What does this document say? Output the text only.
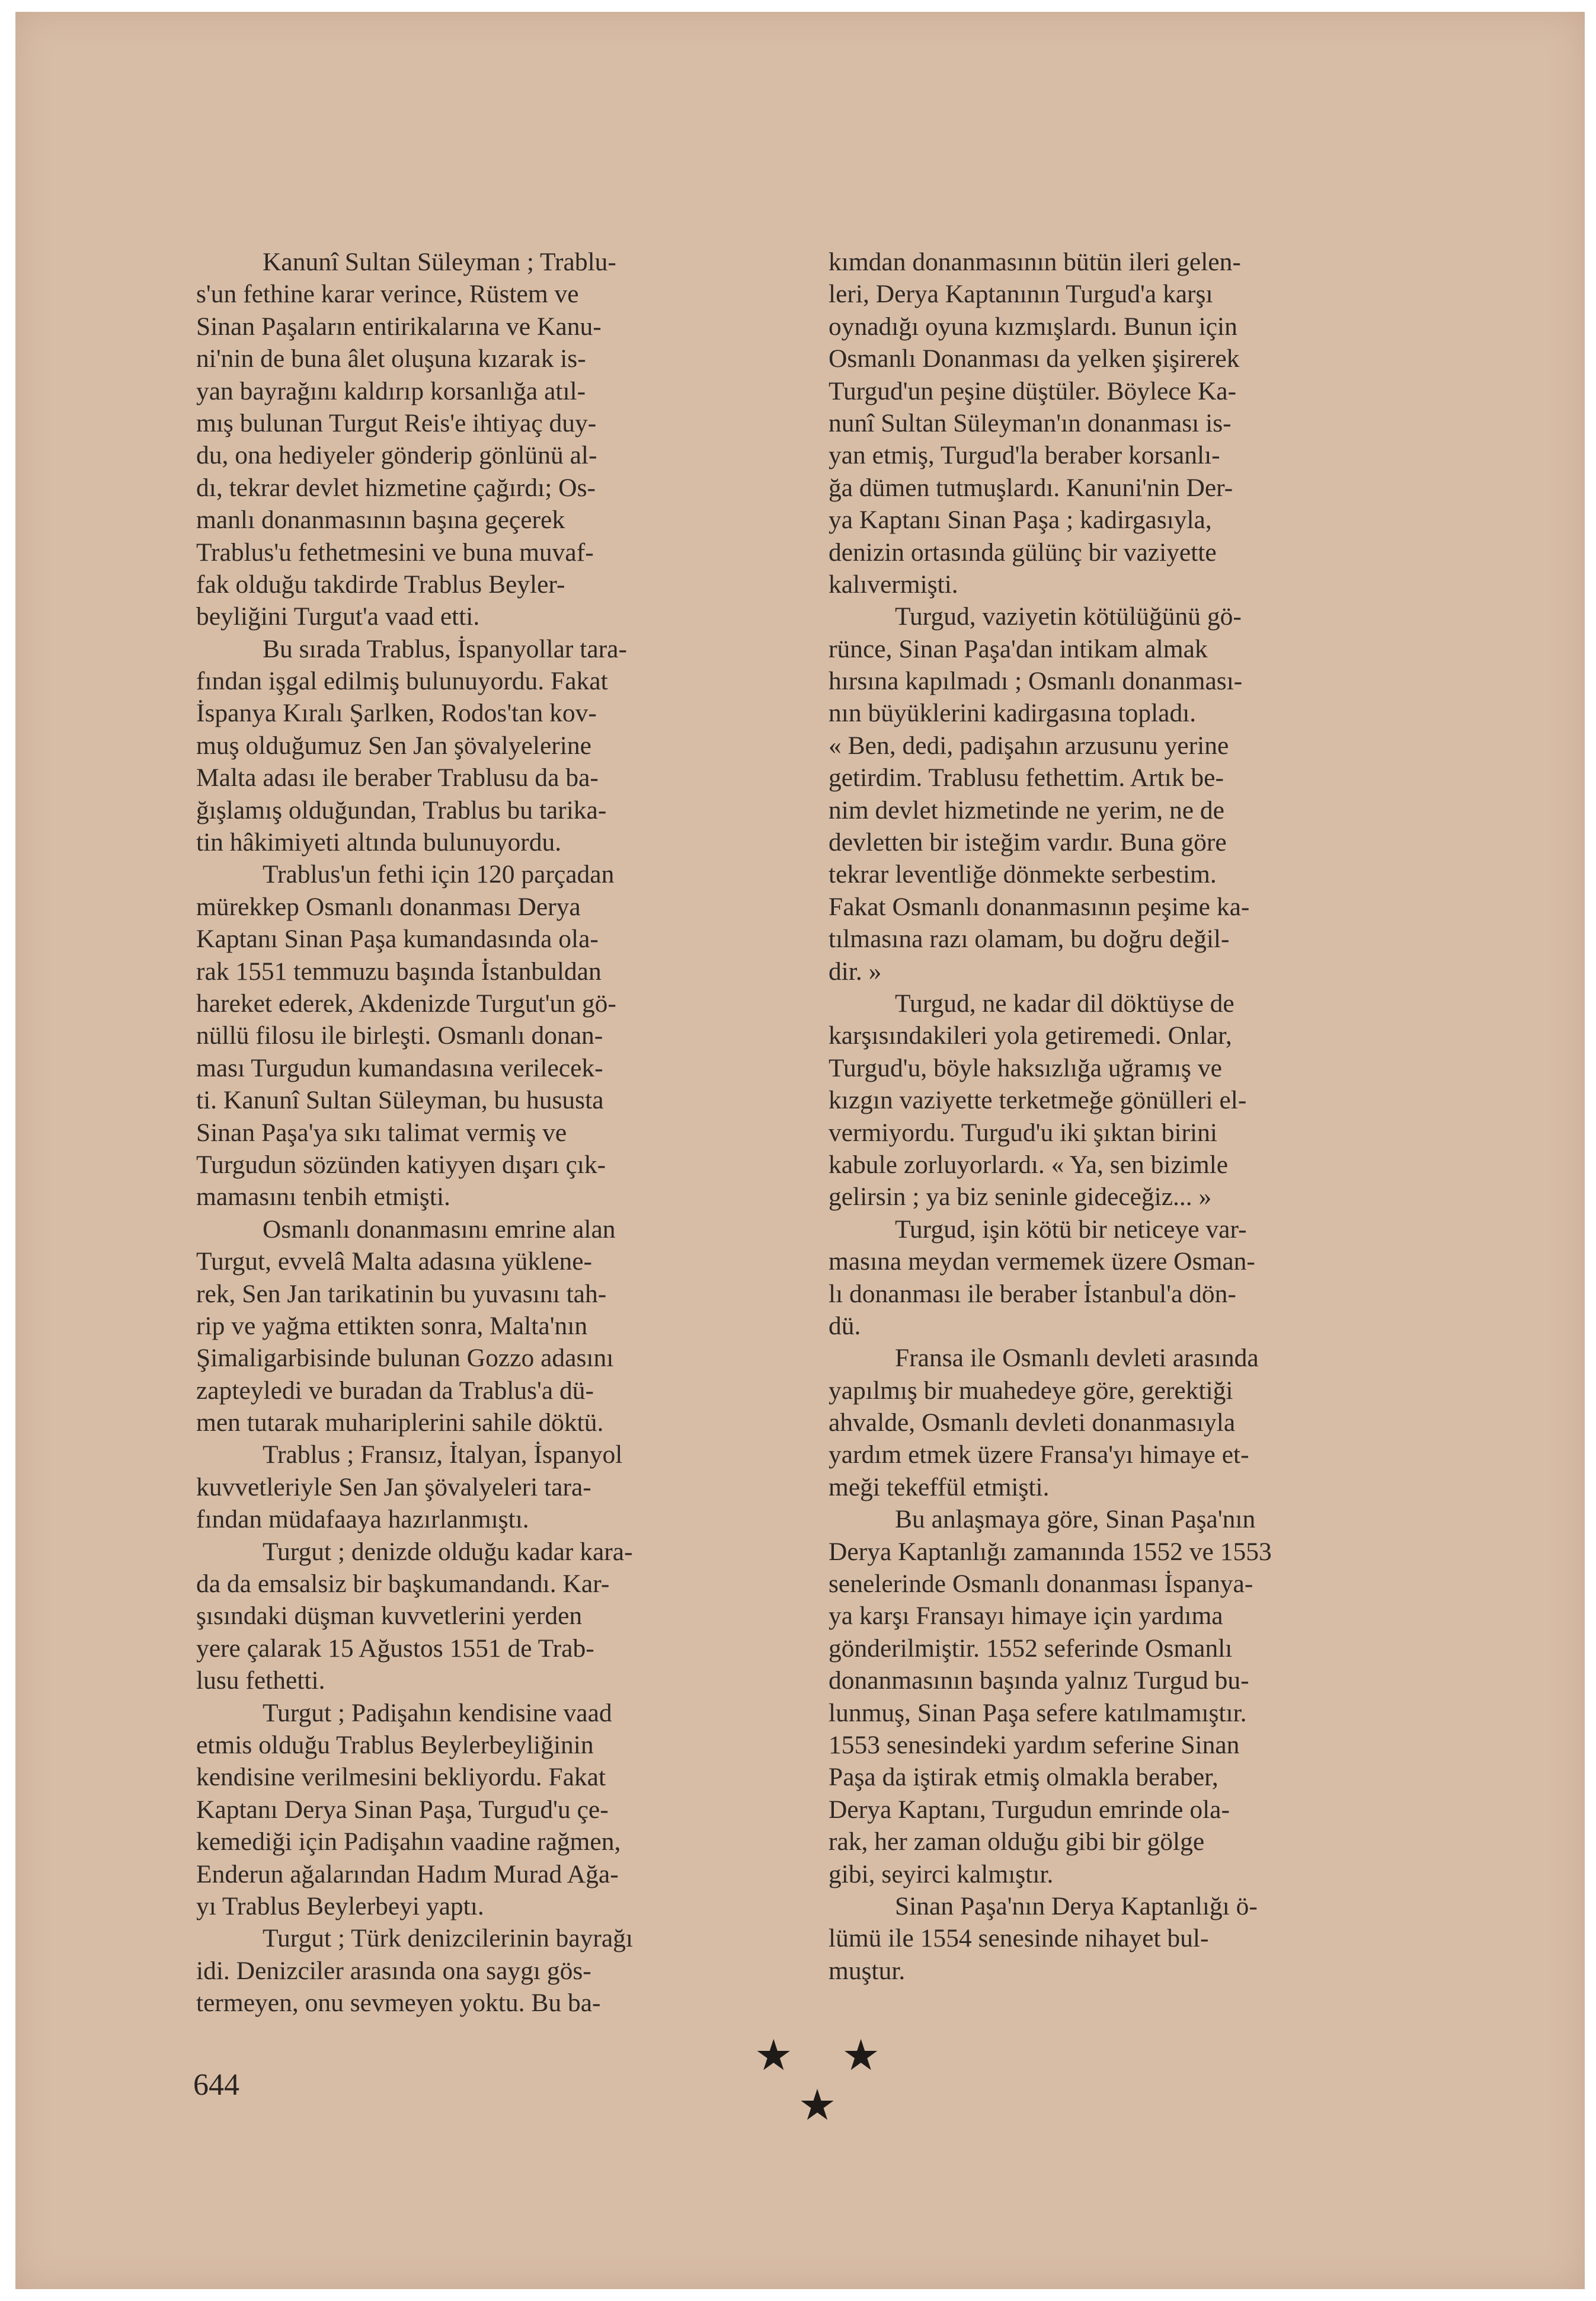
Kanunî Sultan Süleyman ; Trablu-
s'un fethine karar verince, Rüstem ve
Sinan Paşaların entirikalarına ve Kanu-
ni'nin de buna âlet oluşuna kızarak is-
yan bayrağını kaldırıp korsanlığa atıl-
mış bulunan Turgut Reis'e ihtiyaç duy-
du, ona hediyeler gönderip gönlünü al-
dı, tekrar devlet hizmetine çağırdı; Os-
manlı donanmasının başına geçerek
Trablus'u fethetmesini ve buna muvaf-
fak olduğu takdirde Trablus Beyler-
beyliğini Turgut'a vaad etti.
Bu sırada Trablus, İspanyollar tara-
fından işgal edilmiş bulunuyordu. Fakat
İspanya Kıralı Şarlken, Rodos'tan kov-
muş olduğumuz Sen Jan şövalyelerine
Malta adası ile beraber Trablusu da ba-
ğışlamış olduğundan, Trablus bu tarika-
tin hâkimiyeti altında bulunuyordu.
Trablus'un fethi için 120 parçadan
mürekkep Osmanlı donanması Derya
Kaptanı Sinan Paşa kumandasında ola-
rak 1551 temmuzu başında İstanbuldan
hareket ederek, Akdenizde Turgut'un gö-
nüllü filosu ile birleşti. Osmanlı donan-
ması Turgudun kumandasına verilecek-
ti. Kanunî Sultan Süleyman, bu hususta
Sinan Paşa'ya sıkı talimat vermiş ve
Turgudun sözünden katiyyen dışarı çık-
mamasını tenbih etmişti.
Osmanlı donanmasını emrine alan
Turgut, evvelâ Malta adasına yüklene-
rek, Sen Jan tarikatinin bu yuvasını tah-
rip ve yağma ettikten sonra, Malta'nın
Şimaligarbisinde bulunan Gozzo adasını
zapteyledi ve buradan da Trablus'a dü-
men tutarak muhariplerini sahile döktü.
Trablus ; Fransız, İtalyan, İspanyol
kuvvetleriyle Sen Jan şövalyeleri tara-
fından müdafaaya hazırlanmıştı.
Turgut ; denizde olduğu kadar kara-
da da emsalsiz bir başkumandandı. Kar-
şısındaki düşman kuvvetlerini yerden
yere çalarak 15 Ağustos 1551 de Trab-
lusu fethetti.
Turgut ; Padişahın kendisine vaad
etmis olduğu Trablus Beylerbeyliğinin
kendisine verilmesini bekliyordu. Fakat
Kaptanı Derya Sinan Paşa, Turgud'u çe-
kemediği için Padişahın vaadine rağmen,
Enderun ağalarından Hadım Murad Ağa-
yı Trablus Beylerbeyi yaptı.
Turgut ; Türk denizcilerinin bayrağı
idi. Denizciler arasında ona saygı gös-
termeyen, onu sevmeyen yoktu. Bu ba-
kımdan donanmasının bütün ileri gelen-
leri, Derya Kaptanının Turgud'a karşı
oynadığı oyuna kızmışlardı. Bunun için
Osmanlı Donanması da yelken şişirerek
Turgud'un peşine düştüler. Böylece Ka-
nunî Sultan Süleyman'ın donanması is-
yan etmiş, Turgud'la beraber korsanlı-
ğa dümen tutmuşlardı. Kanuni'nin Der-
ya Kaptanı Sinan Paşa ; kadirgasıyla,
denizin ortasında gülünç bir vaziyette
kalıvermişti.
Turgud, vaziyetin kötülüğünü gö-
rünce, Sinan Paşa'dan intikam almak
hırsına kapılmadı ; Osmanlı donanması-
nın büyüklerini kadirgasına topladı.
« Ben, dedi, padişahın arzusunu yerine
getirdim. Trablusu fethettim. Artık be-
nim devlet hizmetinde ne yerim, ne de
devletten bir isteğim vardır. Buna göre
tekrar leventliğe dönmekte serbestim.
Fakat Osmanlı donanmasının peşime ka-
tılmasına razı olamam, bu doğru değil-
dir. »
Turgud, ne kadar dil döktüyse de
karşısındakileri yola getiremedi. Onlar,
Turgud'u, böyle haksızlığa uğramış ve
kızgın vaziyette terketmeğe gönülleri el-
vermiyordu. Turgud'u iki şıktan birini
kabule zorluyorlardı. « Ya, sen bizimle
gelirsin ; ya biz seninle gideceğiz... »
Turgud, işin kötü bir neticeye var-
masına meydan vermemek üzere Osman-
lı donanması ile beraber İstanbul'a dön-
dü.
Fransa ile Osmanlı devleti arasında
yapılmış bir muahedeye göre, gerektiği
ahvalde, Osmanlı devleti donanmasıyla
yardım etmek üzere Fransa'yı himaye et-
meği tekeffül etmişti.
Bu anlaşmaya göre, Sinan Paşa'nın
Derya Kaptanlığı zamanında 1552 ve 1553
senelerinde Osmanlı donanması İspanya-
ya karşı Fransayı himaye için yardıma
gönderilmiştir. 1552 seferinde Osmanlı
donanmasının başında yalnız Turgud bu-
lunmuş, Sinan Paşa sefere katılmamıştır.
1553 senesindeki yardım seferine Sinan
Paşa da iştirak etmiş olmakla beraber,
Derya Kaptanı, Turgudun emrinde ola-
rak, her zaman olduğu gibi bir gölge
gibi, seyirci kalmıştır.
Sinan Paşa'nın Derya Kaptanlığı ö-
lümü ile 1554 senesinde nihayet bul-
muştur.
★ ★ ★
644
